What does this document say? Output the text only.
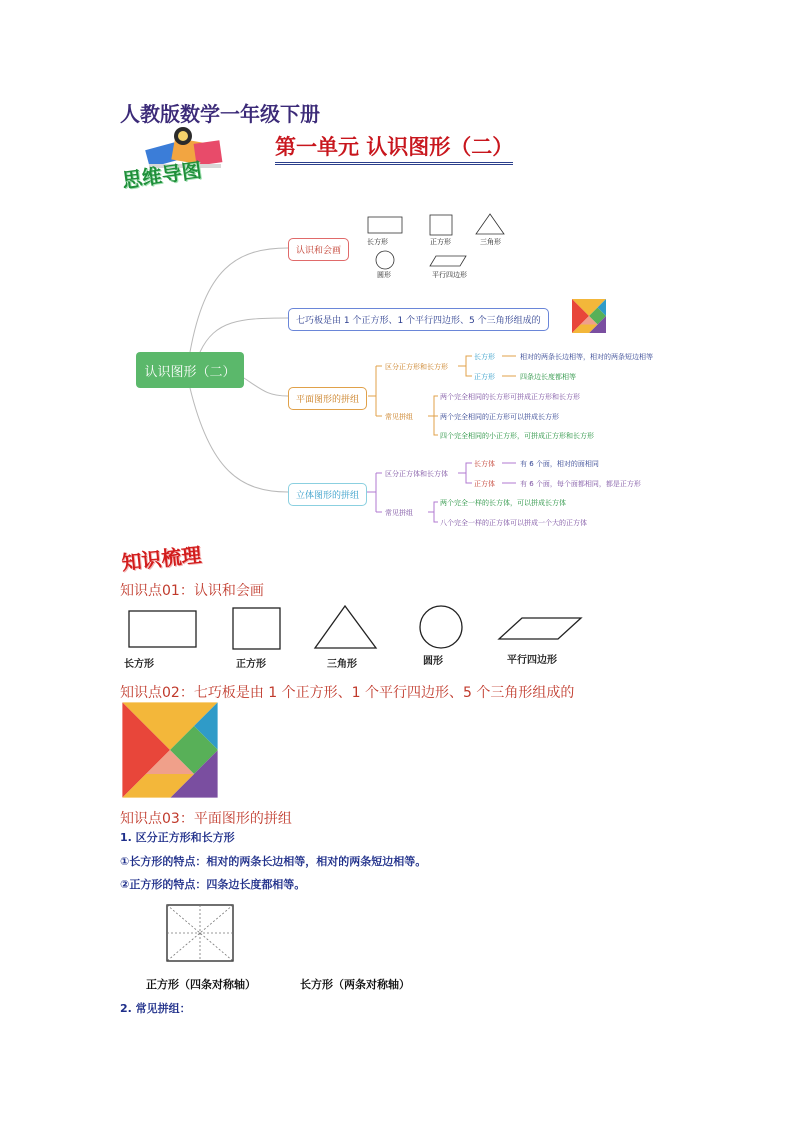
人教版数学一年级下册
第一单元 认识图形（二）
思维导图
认识图形（二）
认识和会画
长方形	正方形	三角形
圆形	平行四边形
七巧板是由 1 个正方形、1 个平行四边形、5 个三角形组成的
平面图形的拼组
区分正方形和长方形
长方形	相对的两条长边相等，相对的两条短边相等
正方形	四条边长度都相等
常见拼组
两个完全相同的长方形可拼成正方形和长方形
两个完全相同的正方形可以拼成长方形
四个完全相同的小正方形，可拼成正方形和长方形
立体图形的拼组
区分正方体和长方体
长方体	有 6 个面，相对的面相同
正方体	有 6 个面，每个面都相同，都是正方形
常见拼组
两个完全一样的长方体，可以拼成长方体
八个完全一样的正方体可以拼成一个大的正方体
知识梳理
知识点01：认识和会画
长方形	正方形	三角形	圆形	平行四边形
知识点02：七巧板是由 1 个正方形、1 个平行四边形、5 个三角形组成的
知识点03：平面图形的拼组
1. 区分正方形和长方形
①长方形的特点：相对的两条长边相等，相对的两条短边相等。
②正方形的特点：四条边长度都相等。
正方形（四条对称轴）	长方形（两条对称轴）
2. 常见拼组：
